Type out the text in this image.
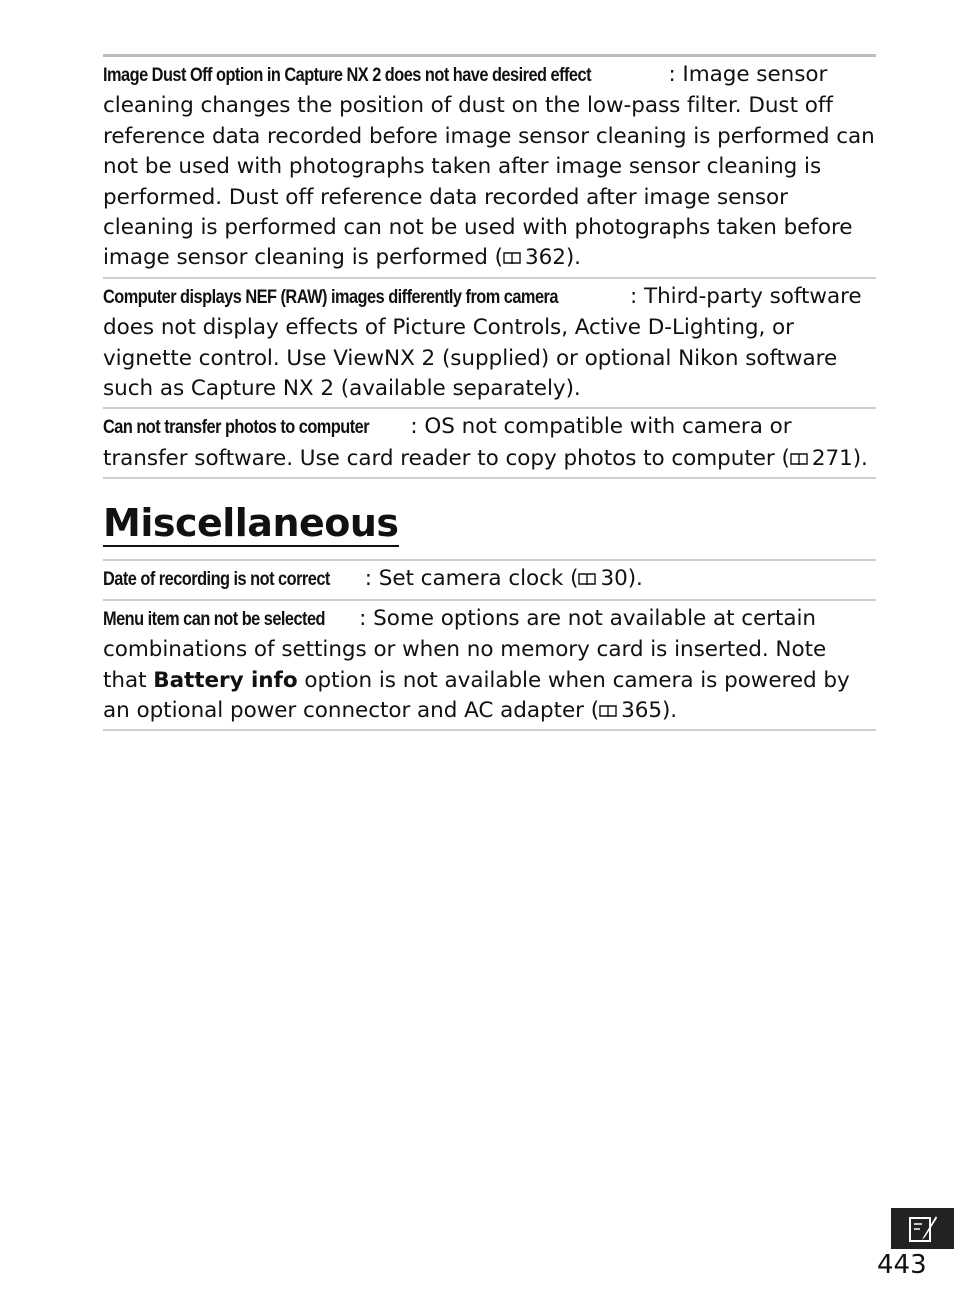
Image Dust Off option in Capture NX 2 does not have desired effect	: Image sensor cleaning changes the position of dust on the low-pass filter. Dust off reference data recorded before image sensor cleaning is performed can not be used with photographs taken after image sensor cleaning is performed. Dust off reference data recorded after image sensor cleaning is performed can not be used with photographs taken before image sensor cleaning is performed ( 362).
Computer displays NEF (RAW) images differently from camera	: Third-party software does not display effects of Picture Controls, Active D-Lighting, or vignette control. Use ViewNX 2 (supplied) or optional Nikon software such as Capture NX 2 (available separately).
Can not transfer photos to computer : OS not compatible with camera or transfer software. Use card reader to copy photos to computer ( 271).
Miscellaneous
Date of recording is not correct : Set camera clock ( 30).
Menu item can not be selected : Some options are not available at certain combinations of settings or when no memory card is inserted. Note that Battery info option is not available when camera is powered by an optional power connector and AC adapter ( 365).
443
